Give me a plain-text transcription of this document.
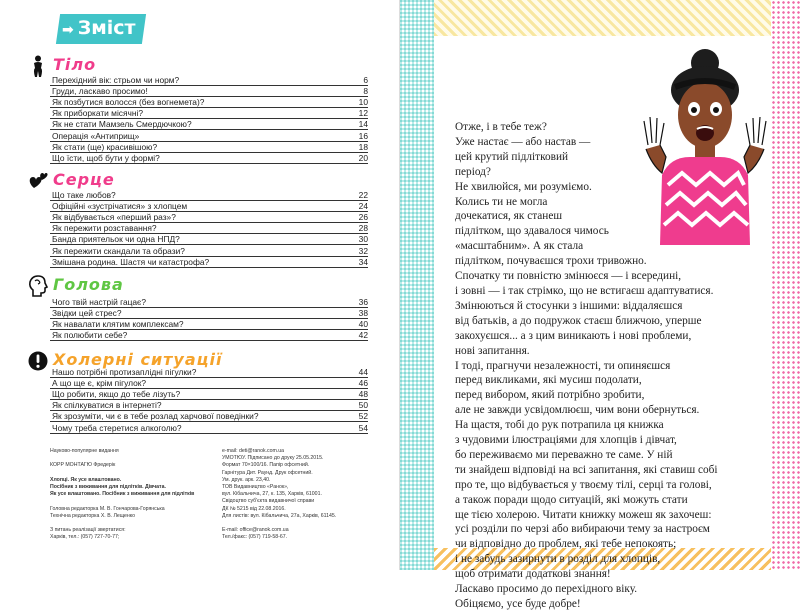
➡ Зміст
Тіло
Серце
Голова
Холерні ситуації
Перехідний вік: стрьом чи норм?	6
Груди, ласкаво просимо!	8
Як позбутися волосся (без вогнемета)?	10
Як приборкати місячні?	12
Як не стати Мамзель Смердючкою?	14
Операція «Антиприщ»	16
Як стати (ще) красивішою?	18
Що їсти, щоб бути у формі?	20
Що таке любов?	22
Офіційні «зустрічатися» з хлопцем	24
Як відбувається «перший раз»?	26
Як пережити розставання?	28
Банда приятельок чи одна НПД?	30
Як пережити скандали та образи?	32
Змішана родина. Шастя чи катастрофа?	34
Чого твій настрій гацає?	36
Звідки цей стрес?	38
Як навалати клятим комплексам?	40
Як полюбити себе?	42
Нашо потрібні протизаплідні пігулки?	44
А що ще є, крім пігулок?	46
Що робити, якщо до тебе лізуть?	48
Як спілкуватися в інтернеті?	50
Як зрозуміти, чи є в тебе розлад харчової поведінки?	52
Чому треба стеретися алкоголю?	54
Науково-популярне видання

КОРР МОНТАГЮ Фредерік

Хлопці. Як усе влаштовано.
Посібник з виживання для підлітків. Дівчата.
Як усе влаштовано. Посібник з виживання для підлітків

Головна редакторка М. В. Гончарова-Горянська
Технічна редакторка Х. В. Лещенко

З питань реалізації звертатися:
Харків, тел.: (057) 727-70-77;
e-mail: deti@ranok.com.ua
УМОТЮУ. Підписано до друку 25.05.2015.
Формат 70×100/16. Папір офсетний.
Гарнітура Дит. Раунд. Друк офсетний.
Ум. друк. арк. 23,40.
ТОВ Видавництво «Ранок»,
вул. Кібальчича, 27, к. 135, Харків, 61001.
Свідоцтво суб'єкта видавничої справи
ДК № 5215 від 22.08.2016.
Для листів: вул. Кібальчича, 27а, Харків, 61145.

E-mail: office@ranok.com.ua
Тел./факс: (057) 719-58-67.
Отже, і в тебе теж?
Уже настає — або настав —
цей крутий підлітковий
період?
Не хвилюйся, ми розуміємо.
Колись ти не могла
дочекатися, як станеш
підлітком, що здавалося чимось
«масштабним». А як стала
підлітком, почуваєшся трохи тривожно.
Спочатку ти повністю змінюєся — і всередині,
і зовні — і так стрімко, що не встигаєш адаптуватися.
Змінюються й стосунки з іншими: віддаляєшся
від батьків, а до подружок стаєш ближчою, уперше
закохуєшся... а з цим виникають і нові проблеми,
нові запитання.
І тоді, прагнучи незалежності, ти опиняєшся
перед викликами, які мусиш подолати,
перед вибором, який потрібно зробити,
але не завжди усвідомлюєш, чим вони обернуться.
На щастя, тобі до рук потрапила ця книжка
з чудовими ілюстраціями для хлопців і дівчат,
бо переживаємо ми переважно те саме. У ній
ти знайдеш відповіді на всі запитання, які ставиш собі
про те, що відбувається у твоєму тілі, серці та голові,
а також поради щодо ситуацій, які можуть стати
ще тією холерою. Читати книжку можеш як захочеш:
усі розділи по черзі або вибираючи тему за настроєм
чи відповідно до проблем, які тебе непокоять;
і не забудь зазирнути в розділ для хлопців,
щоб отримати додаткові знання!
Ласкаво просимо до перехідного віку.
Обіцяємо, усе буде добре!
